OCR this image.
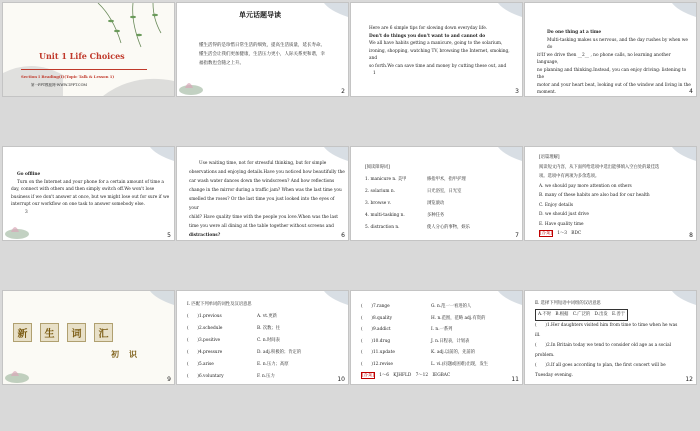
Unit 1 Life Choices
Section Ⅰ Reading(Ⅰ)(Topic Talk & Lesson 1)
第一PPT模板网-WWW.1PPT.COM
单元话题导读
懂生活得的是珍惜日常生活的细致，提高生活质量，延长寿命。懂生活会让我们更加健康，生活压力更小，人际关系更和谐，幸福指数也会随之上升。
2

Here are 6 simple tips for slowing down everyday life.

Don't do things you don't want to and cannot do

We all have habits getting a manicure, going to the solarium,

ironing, shopping, watching TV, browsing the Internet, smoking, and

so forth.We can save time and money by cutting these out, and

1

3

Do one thing at a time

Multi-tasking makes us nervous, and the day rushes by when we do

it!If we drive then __2__ , no phone calls, no learning another language,

no planning and thinking.Instead, you can enjoy driving: listening to the

motor and your heart beat, looking out of the window and living in the

moment.	4

Go offline

Turn on the Internet and your phone for a certain amount of time a

day, connect with others and then simply switch off.We won't lose

business if we don't answer at once, but we might lose out for sure if we

interrupt our workflow on one task to answer somebody else.

3

5

Use waiting time, not for stressful thinking, but for simple

observations and enjoying details.Have you noticed how beautifully the

car wash water dances down the windscreen? And how reflections

change in the mirror during a traffic jam? When was the last time you

smelled the roses? Or the last time you just looked into the eyes of your

child? Have quality time with the people you love.When was the last

time you were all dining at the table together without screens and

distractions?	6

[阅读障碍词]

1. manicure n. 美甲	修指甲术，指甲护理

2. solarium n.	日光浴室，日光室

3. browse v.	浏览滚动

4. multi-tasking n.	多种任务

5. distraction n.	使人分心的事物，娱乐

7

[语篇理解]

阅读短文内容，从下面所给选项中选出能够填入空白处的最佳选

项。选项中有两项为多余选项。

A. we should pay more attention on others

B. many of these habits are also bad for our health

C. Enjoy details

D. we should just drive

E. Have quality time

[答案]　 1～3　BDC	8
新	生	词	汇
初 识
9

Ⅰ. 匹配下列单词的词性及汉语意思

(　　)1.previous	A. vt.更新

(　　)2.schedule	B. 次数；往

(　　)3.positive	C. n.时间表

(　　)4.pressure	D. adj.积极的；肯定的

(　　)5.arise	E. n.压力；高原

(　　)6.voluntary	F. n.压力	10

(　　)7.range	G. n.范一一看进的人

(　　)8.quality	H. n.范围，范畴 adj.有资的

(　　)9.addict	I. n.一系列

(　　)10.drug	J. n.日程表，计划表

(　　)11.update	K. adj.以前的，先前的

(　　)12.revise	L. vi.(问题或困难)出现，发生

[答案]　 1～6　KJHFLD　7～12　IEGBAC

11

Ⅱ. 选择下列短语中词组的汉语意思

A.不时　B.根据　C.广泛的　D.出发　E.善于

(　　)1.Her daughters visited him from time to time when he was

ill.

(　　)2.In Britain today we tend to consider old age as a social

problem.

(　　)3.If all goes according to plan, the first concert will be

Tuesday evening.

12
